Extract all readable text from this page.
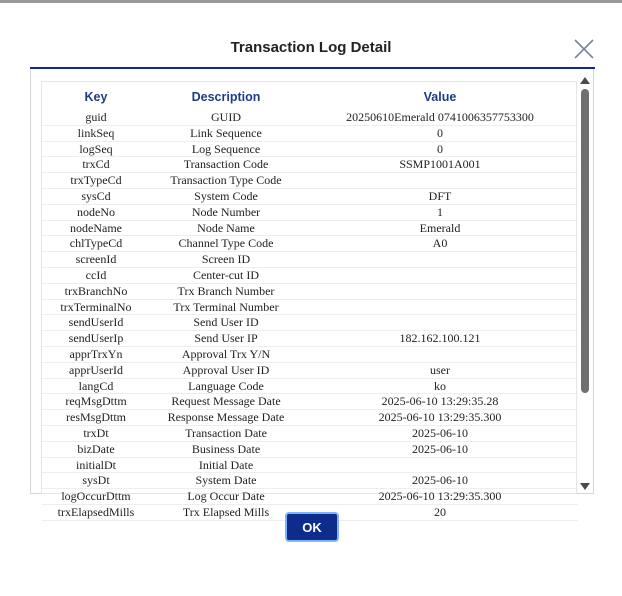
Transaction Log Detail
Key	Description	Value
guid	GUID	20250610Emerald 0741006357753300
linkSeq	Link Sequence	0
logSeq	Log Sequence	0
trxCd	Transaction Code	SSMP1001A001
trxTypeCd	Transaction Type Code	
sysCd	System Code	DFT
nodeNo	Node Number	1
nodeName	Node Name	Emerald
chlTypeCd	Channel Type Code	A0
screenId	Screen ID	
ccId	Center-cut ID	
trxBranchNo	Trx Branch Number	
trxTerminalNo	Trx Terminal Number	
sendUserId	Send User ID	
sendUserIp	Send User IP	182.162.100.121
apprTrxYn	Approval Trx Y/N	
apprUserId	Approval User ID	user
langCd	Language Code	ko
reqMsgDttm	Request Message Date	2025-06-10 13:29:35.28
resMsgDttm	Response Message Date	2025-06-10 13:29:35.300
trxDt	Transaction Date	2025-06-10
bizDate	Business Date	2025-06-10
initialDt	Initial Date	
sysDt	System Date	2025-06-10
logOccurDttm	Log Occur Date	2025-06-10 13:29:35.300
trxElapsedMills	Trx Elapsed Mills	20
OK
